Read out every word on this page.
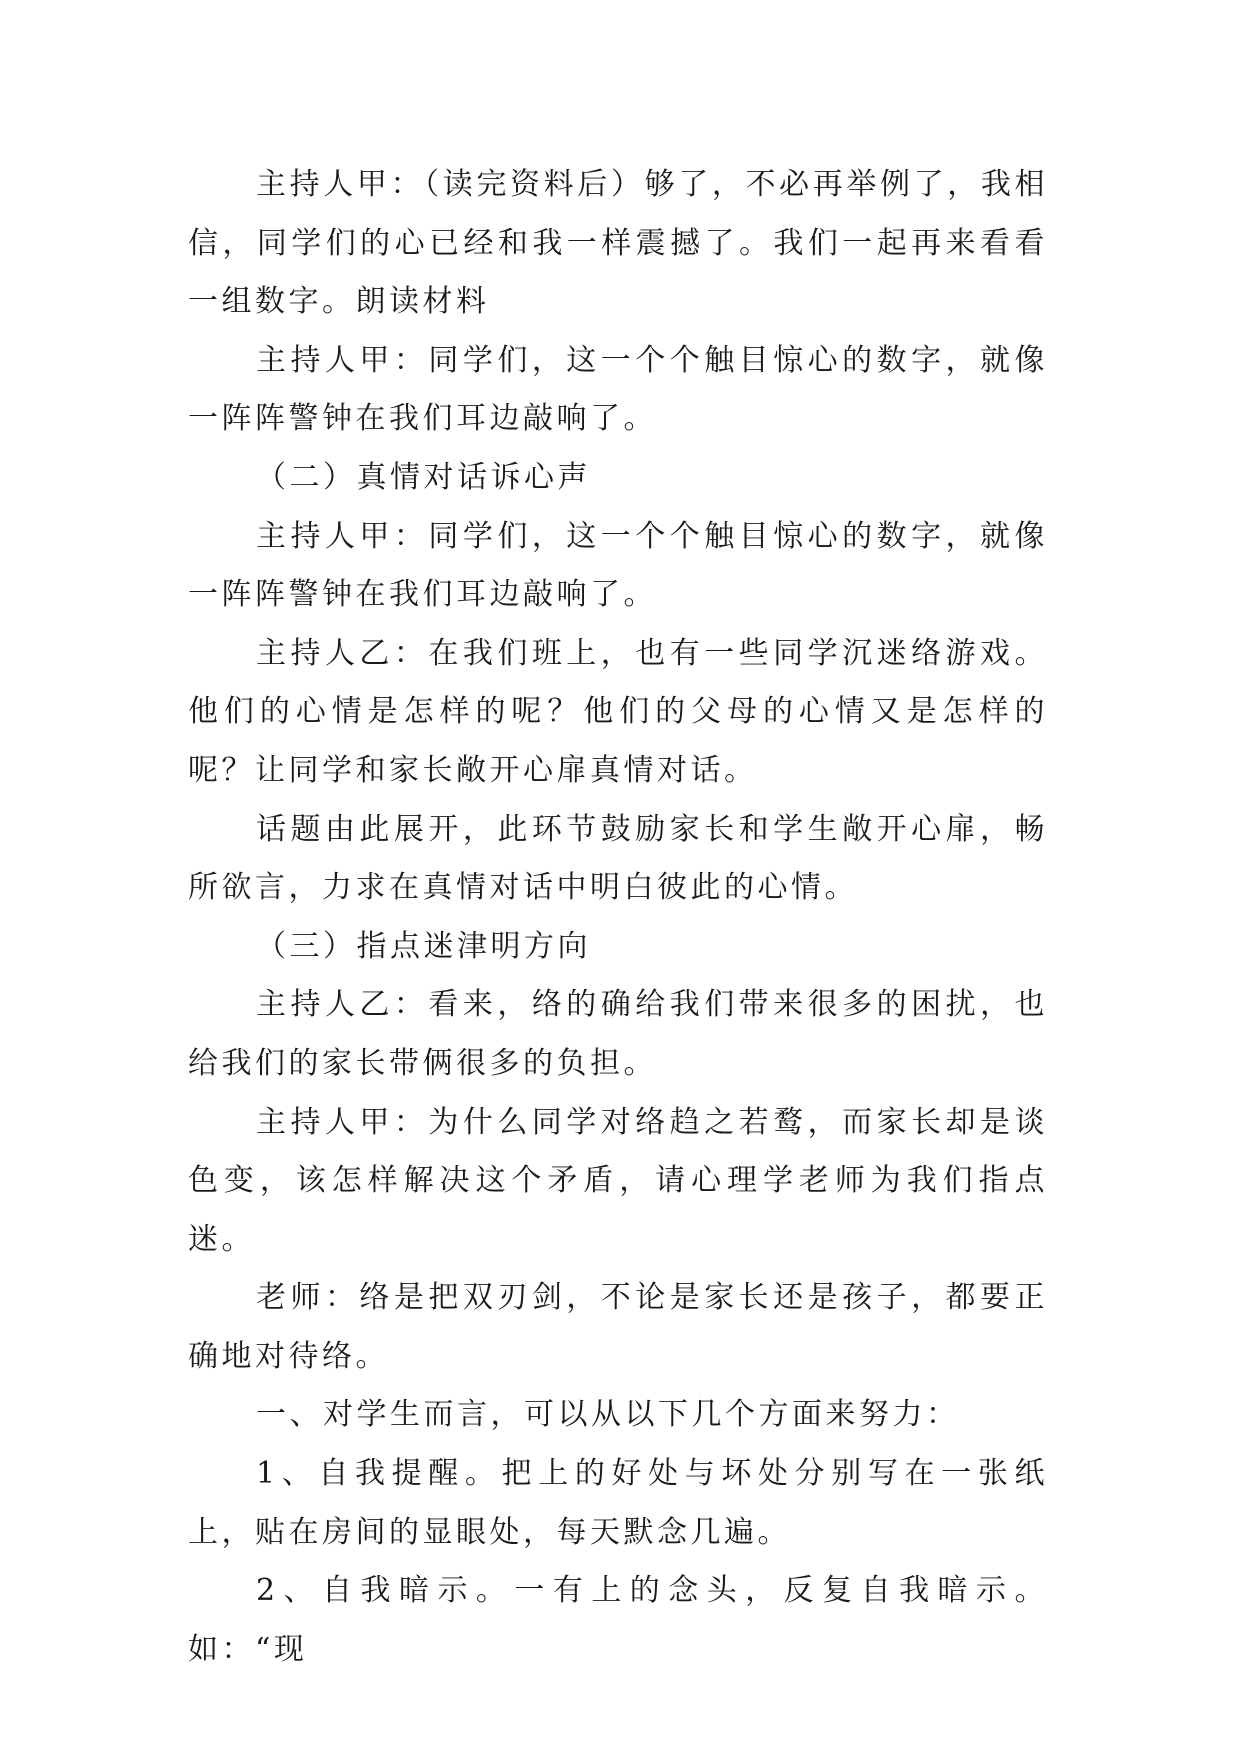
主持人甲：（读完资料后）够了，不必再举例了，我相信，同学们的心已经和我一样震撼了。我们一起再来看看一组数字。朗读材料

主持人甲：同学们，这一个个触目惊心的数字，就像一阵阵警钟在我们耳边敲响了。

（二）真情对话诉心声

主持人甲：同学们，这一个个触目惊心的数字，就像一阵阵警钟在我们耳边敲响了。

主持人乙：在我们班上，也有一些同学沉迷络游戏。他们的心情是怎样的呢？他们的父母的心情又是怎样的呢？让同学和家长敞开心扉真情对话。

话题由此展开，此环节鼓励家长和学生敞开心扉，畅所欲言，力求在真情对话中明白彼此的心情。

（三）指点迷津明方向

主持人乙：看来，络的确给我们带来很多的困扰，也给我们的家长带俩很多的负担。

主持人甲：为什么同学对络趋之若鹜，而家长却是谈色变，该怎样解决这个矛盾，请心理学老师为我们指点迷。

老师：络是把双刃剑，不论是家长还是孩子，都要正确地对待络。

一、对学生而言，可以从以下几个方面来努力：

1、自我提醒。把上的好处与坏处分别写在一张纸上，贴在房间的显眼处，每天默念几遍。

2、自我暗示。一有上的念头，反复自我暗示。如：“现
